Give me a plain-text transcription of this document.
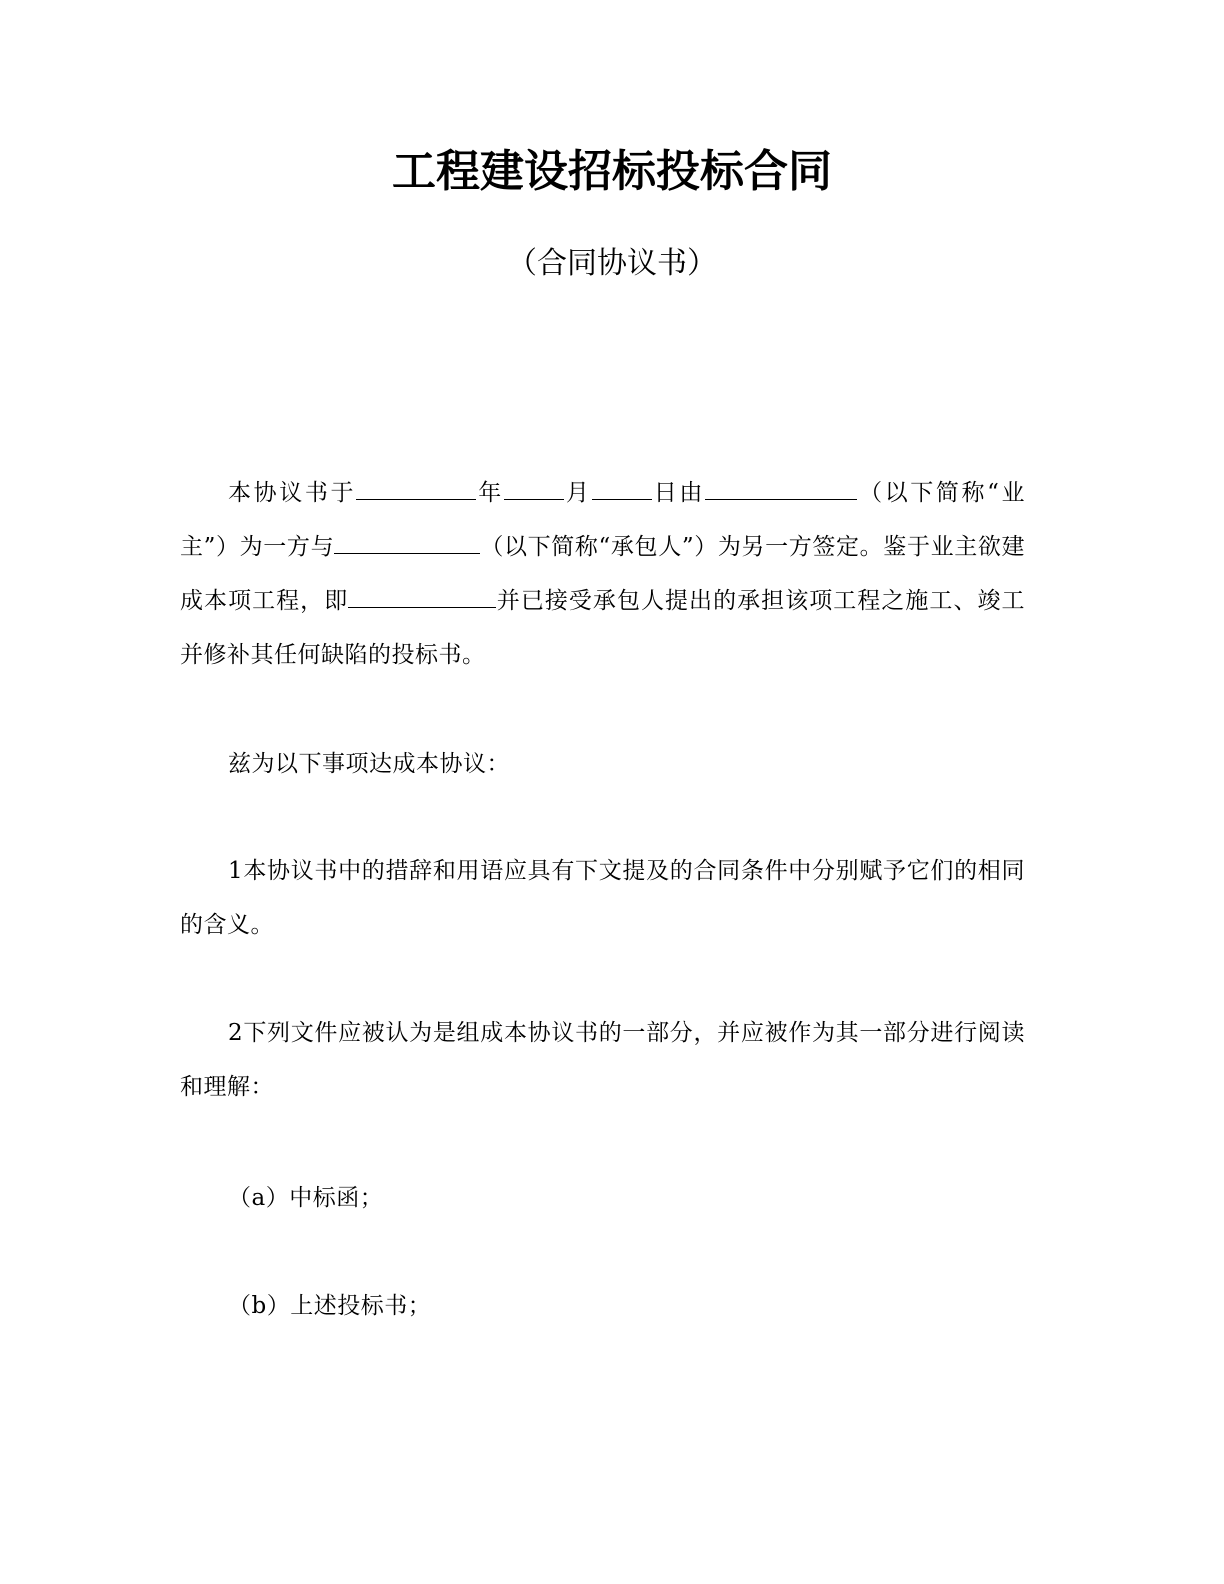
工程建设招标投标合同

（合同协议书）

本协议书于	年	月	日由	（以下简称“业主”）为一方与	（以下简称“承包人”）为另一方签定。鉴于业主欲建成本项工程，即	并已接受承包人提出的承担该项工程之施工、竣工并修补其任何缺陷的投标书。

兹为以下事项达成本协议：

1本协议书中的措辞和用语应具有下文提及的合同条件中分别赋予它们的相同的含义。

2下列文件应被认为是组成本协议书的一部分，并应被作为其一部分进行阅读和理解：

（a）中标函；

（b）上述投标书；
